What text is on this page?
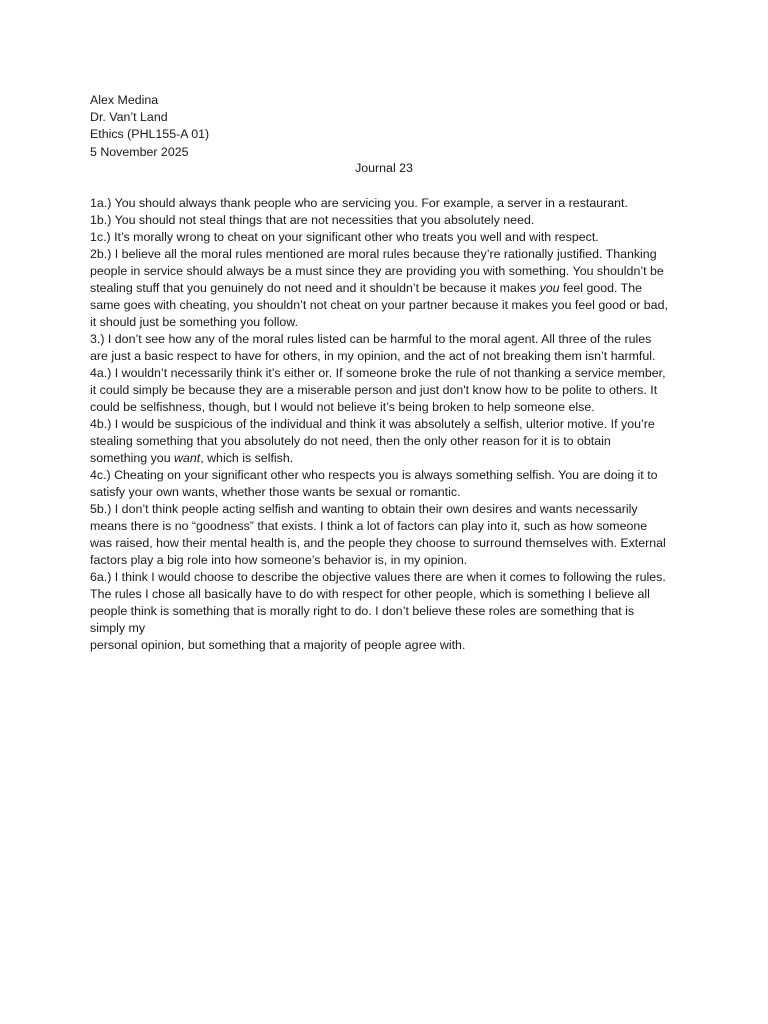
Alex Medina
Dr. Van’t Land
Ethics (PHL155-A 01)
5 November 2025
Journal 23

1a.) You should always thank people who are servicing you. For example, a server in a restaurant.

1b.) You should not steal things that are not necessities that you absolutely need.

1c.) It’s morally wrong to cheat on your significant other who treats you well and with respect.

2b.) I believe all the moral rules mentioned are moral rules because they’re rationally justified. Thanking
people in service should always be a must since they are providing you with something. You shouldn’t be
stealing stuff that you genuinely do not need and it shouldn’t be because it makes you feel good. The
same goes with cheating, you shouldn’t not cheat on your partner because it makes you feel good or bad,
it should just be something you follow.

3.) I don’t see how any of the moral rules listed can be harmful to the moral agent. All three of the rules
are just a basic respect to have for others, in my opinion, and the act of not breaking them isn’t harmful.

4a.) I wouldn’t necessarily think it’s either or. If someone broke the rule of not thanking a service member,
it could simply be because they are a miserable person and just don't know how to be polite to others. It
could be selfishness, though, but I would not believe it’s being broken to help someone else.

4b.) I would be suspicious of the individual and think it was absolutely a selfish, ulterior motive. If you’re
stealing something that you absolutely do not need, then the only other reason for it is to obtain
something you want, which is selfish.

4c.) Cheating on your significant other who respects you is always something selfish. You are doing it to
satisfy your own wants, whether those wants be sexual or romantic.

5b.) I don’t think people acting selfish and wanting to obtain their own desires and wants necessarily
means there is no “goodness” that exists. I think a lot of factors can play into it, such as how someone
was raised, how their mental health is, and the people they choose to surround themselves with. External
factors play a big role into how someone’s behavior is, in my opinion.

6a.) I think I would choose to describe the objective values there are when it comes to following the rules.
The rules I chose all basically have to do with respect for other people, which is something I believe all
people think is something that is morally right to do. I don’t believe these roles are something that is
simply my
personal opinion, but something that a majority of people agree with.
